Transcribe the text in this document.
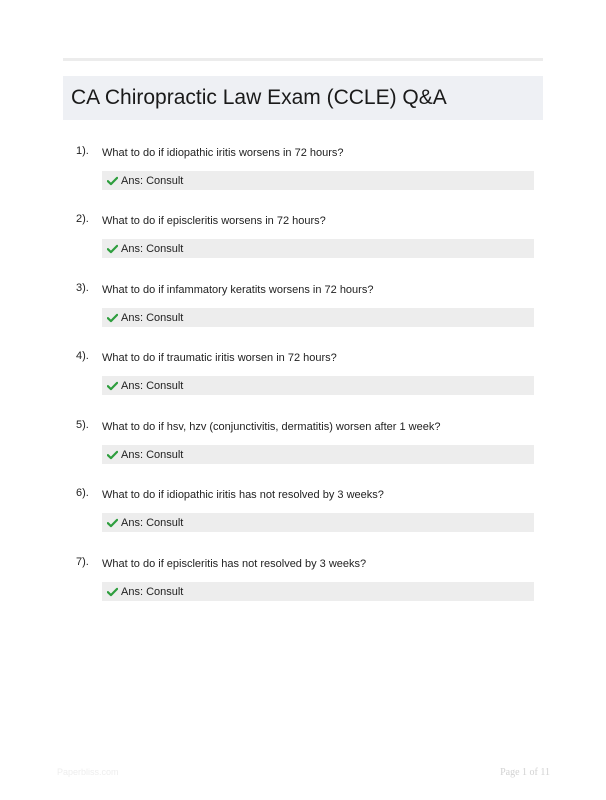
CA Chiropractic Law Exam (CCLE) Q&A
1). What to do if idiopathic iritis worsens in 72 hours?
Ans: Consult
2). What to do if episcleritis worsens in 72 hours?
Ans: Consult
3). What to do if infammatory keratits worsens in 72 hours?
Ans: Consult
4). What to do if traumatic iritis worsen in 72 hours?
Ans: Consult
5). What to do if hsv, hzv (conjunctivitis, dermatitis) worsen after 1 week?
Ans: Consult
6). What to do if idiopathic iritis has not resolved by 3 weeks?
Ans: Consult
7). What to do if episcleritis has not resolved by 3 weeks?
Ans: Consult
Paperbliss.com	Page 1 of 11
